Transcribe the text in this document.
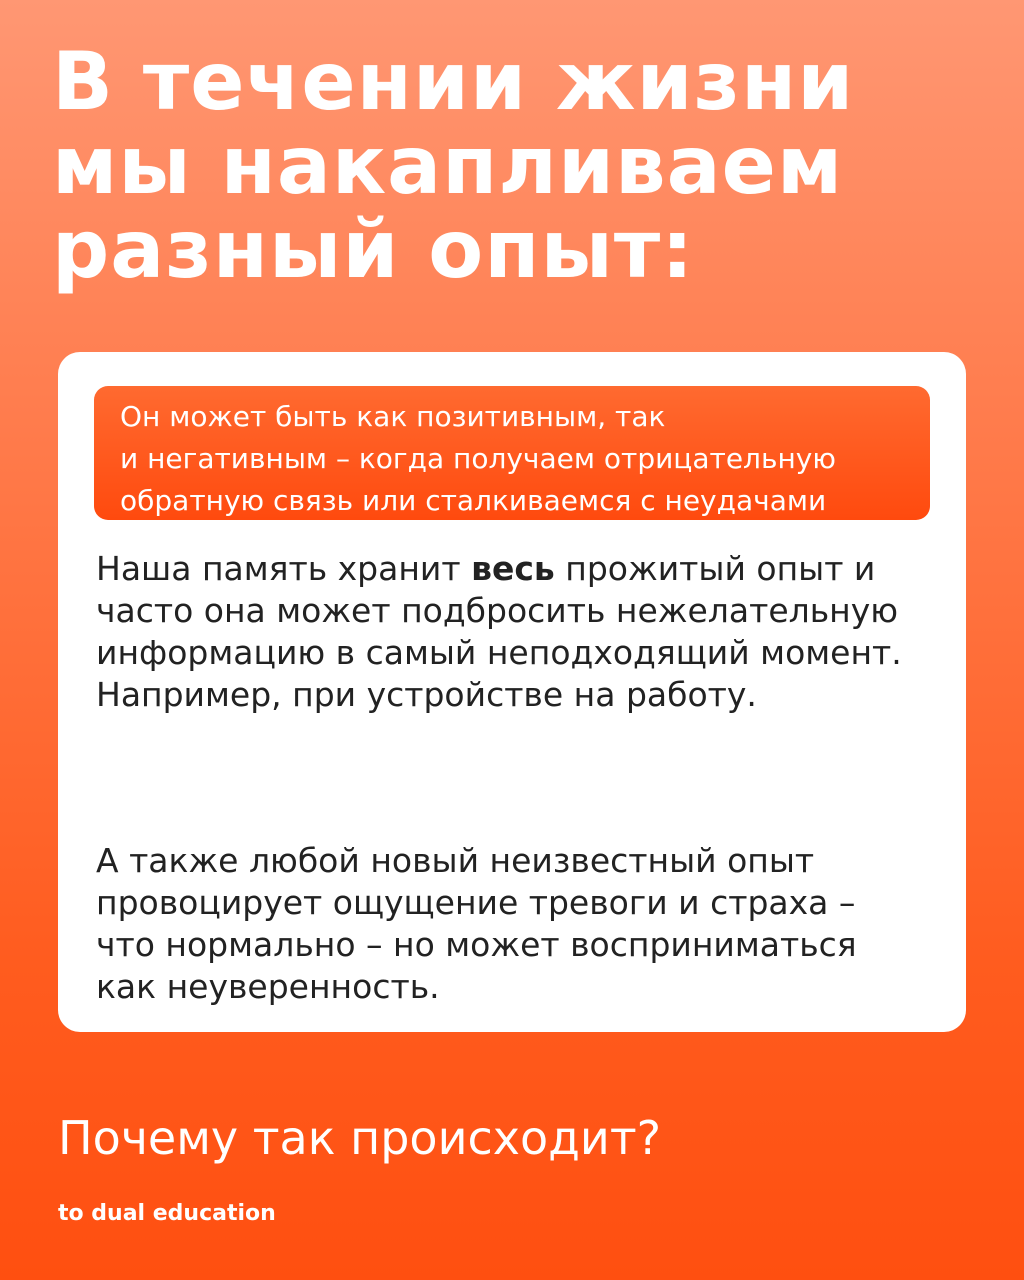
В течении жизни
мы накапливаем
разный опыт:
Он может быть как позитивным, так
и негативным – когда получаем отрицательную
обратную связь или сталкиваемся с неудачами
Наша память хранит весь прожитый опыт и
часто она может подбросить нежелательную
информацию в самый неподходящий момент.
Например, при устройстве на работу.
А также любой новый неизвестный опыт
провоцирует ощущение тревоги и страха –
что нормально – но может восприниматься
как неуверенность.
Почему так происходит?
to dual education
